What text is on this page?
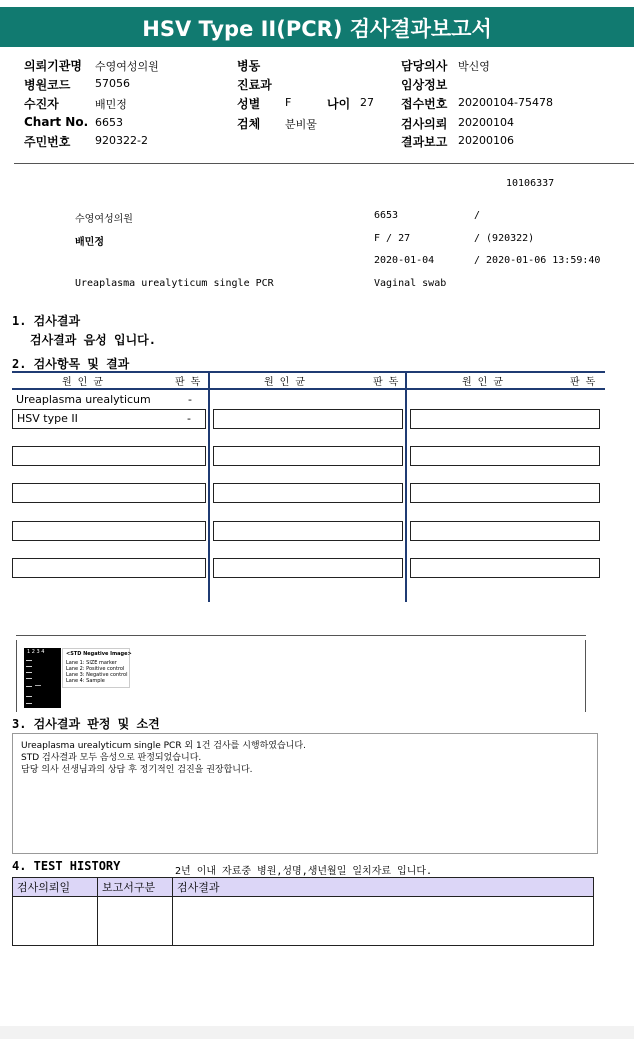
HSV Type II(PCR) 검사결과보고서
의뢰기관명 수영여성의원
병원코드 57056
수진자	배민정
Chart No. 6653
주민번호 920322-2
병동
진료과
성별 F	나이 27
검체 분비물
담당의사 박신영
임상정보
접수번호 20200104-75478
검사의뢰 20200104
결과보고 20200106
10106337
수영여성의원	6653	/
배민정	F / 27	/ (920322)
2020-01-04	/ 2020-01-06 13:59:40
Ureaplasma urealyticum single PCR	Vaginal swab
1. 검사결과
검사결과 음성 입니다.
2. 검사항목 및 결과
원 인 균	판 독	원 인 균	판 독	원 인 균	판 독
Ureaplasma urealyticum	-
HSV type II	-
1 2 3 4	<STD Negative Image>
Lane 1: SIZE marker
Lane 2: Positive control
Lane 3: Negative control
Lane 4: Sample
3. 검사결과 판정 및 소견
Ureaplasma urealyticum single PCR 외 1건 검사를 시행하였습니다.
STD 검사결과 모두 음성으로 판정되었습니다.
담당 의사 선생님과의 상담 후 정기적인 검진을 권장합니다.
4. TEST HISTORY	2년 이내 자료중 병원,성명,생년월일 일치자료 입니다.
검사의뢰일	보고서구분	검사결과
